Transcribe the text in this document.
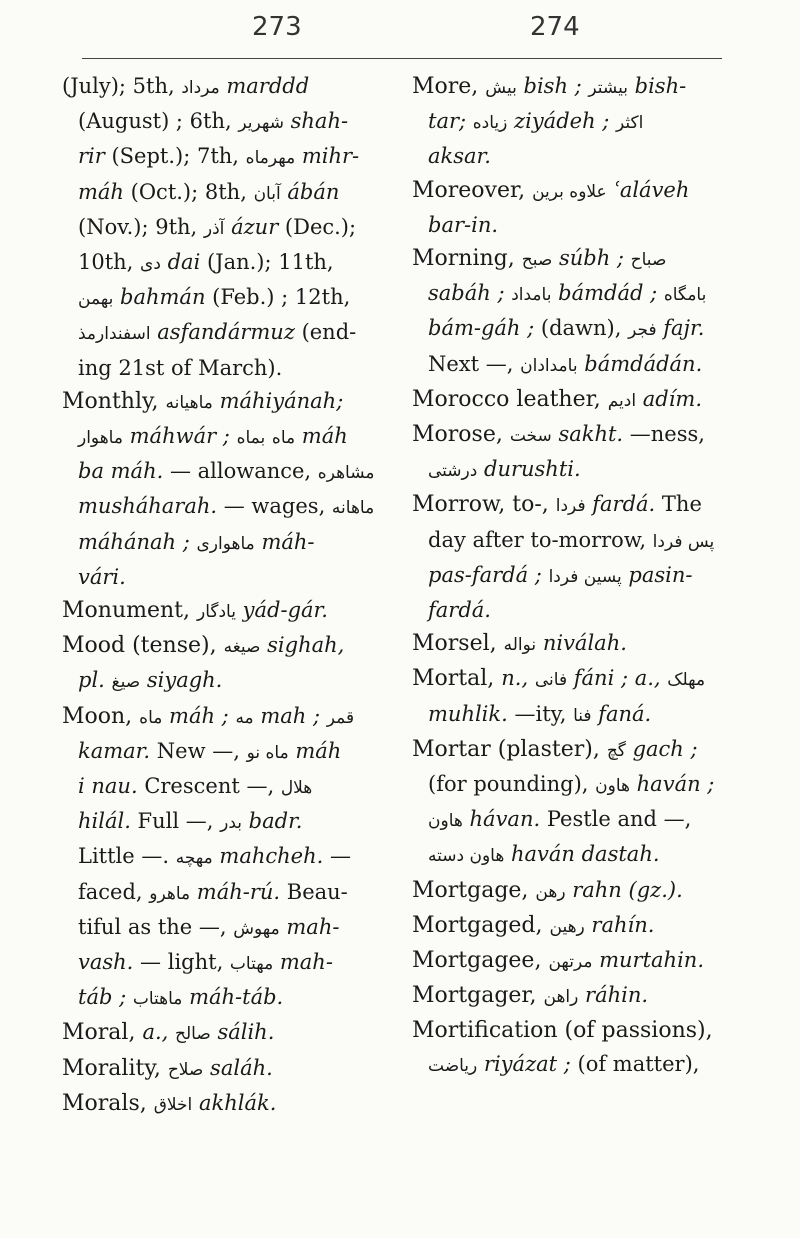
273	274
(July); 5th, مرداد marddd
(August) ; 6th, شهریر shah-
rir (Sept.); 7th, مهرماه mihr-
máh (Oct.); 8th, آبان ábán
(Nov.); 9th, آذر ázur (Dec.);
10th, دی dai (Jan.); 11th,
بهمن bahmán (Feb.) ; 12th,
اسفندارمذ asfandármuz (end-
ing 21st of March).
Monthly, ماهیانه máhiyánah;
ماهوار máhwár ; بماه ماه máh
ba máh. — allowance, مشاهره
musháharah. — wages, ماهانه
máhánah ; ماهواری máh-
vári.
Monument, یادگار yád-gár.
Mood (tense), صیغه sighah,
pl. صیغ siyagh.
Moon, ماه máh ; مه mah ; قمر
kamar. New —, ماه نو máh
i nau. Crescent —, هلال
hilál. Full —, بدر badr.
Little —. مهچه mahcheh. —
faced, ماهرو máh-rú. Beau-
tiful as the —, مهوش mah-
vash. — light, مهتاب mah-
táb ; ماهتاب máh-táb.
Moral, a., صالح sálih.
Morality, صلاح saláh.
Morals, اخلاق akhlák.
More, بیش bish ; بیشتر bish-
tar; زیاده ziyádeh ; اکثر
aksar.
Moreover, علاوه برین ʿaláveh
bar-in.
Morning, صبح súbh ; صباح
sabáh ; بامداد bámdád ; بامگاه
bám-gáh ; (dawn), فجر fajr.
Next —, بامدادان bámdádán.
Morocco leather, ادیم adím.
Morose, سخت sakht. —ness,
درشتی durushti.
Morrow, to-, فردا fardá. The
day after to-morrow, پس فردا
pas-fardá ; پسین فردا pasin-
fardá.
Morsel, نواله niválah.
Mortal, n., فانی fáni ; a., مهلک
muhlik. —ity, فنا faná.
Mortar (plaster), گچ gach ;
(for pounding), هاون haván ;
هاون hávan. Pestle and —,
هاون دسته haván dastah.
Mortgage, رهن rahn (gz.).
Mortgaged, رهین rahín.
Mortgagee, مرتهن murtahin.
Mortgager, راهن ráhin.
Mortification (of passions),
ریاضت riyázat ; (of matter),
